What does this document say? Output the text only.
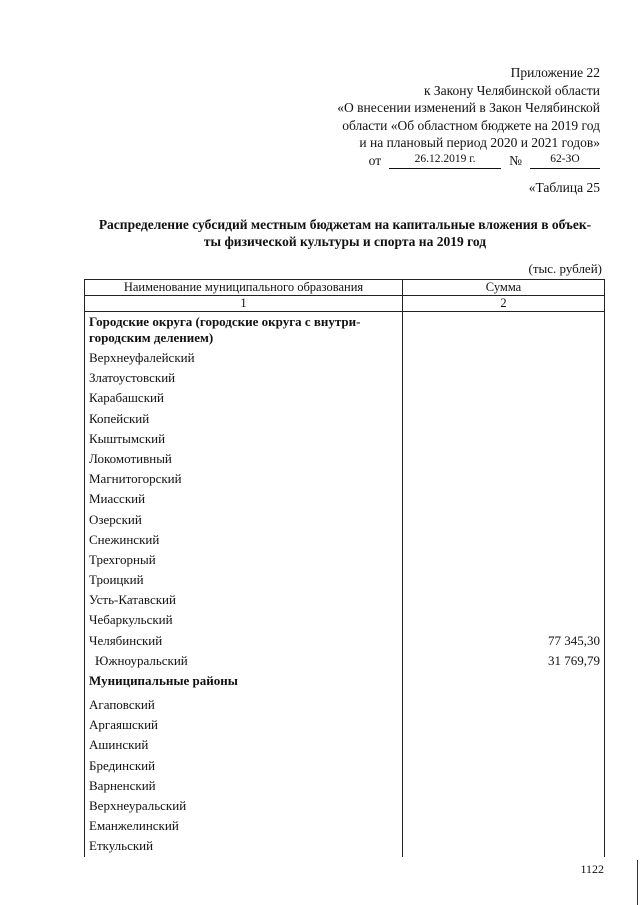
Приложение 22
к Закону Челябинской области
«О внесении изменений в Закон Челябинской
области «Об областном бюджете на 2019 год
и на плановый период 2020 и 2021 годов»
от	26.12.2019 г.	№	62-ЗО
«Таблица 25
Распределение субсидий местным бюджетам на капитальные вложения в объек-
ты физической культуры и спорта на 2019 год
(тыс. рублей)
Наименование муниципального образования	Сумма
1	2
Городские округа (городские округа с внутри-городским делением)	
Верхнеуфалейский	
Златоустовский	
Карабашский	
Копейский	
Кыштымский	
Локомотивный	
Магнитогорский	
Миасский	
Озерский	
Снежинский	
Трехгорный	
Троицкий	
Усть-Катавский	
Чебаркульский	
Челябинский	77 345,30
Южноуральский	31 769,79
Муниципальные районы	
Агаповский	
Аргаяшский	
Ашинский	
Брединский	
Варненский	
Верхнеуральский	
Еманжелинский	
Еткульский	
1122
